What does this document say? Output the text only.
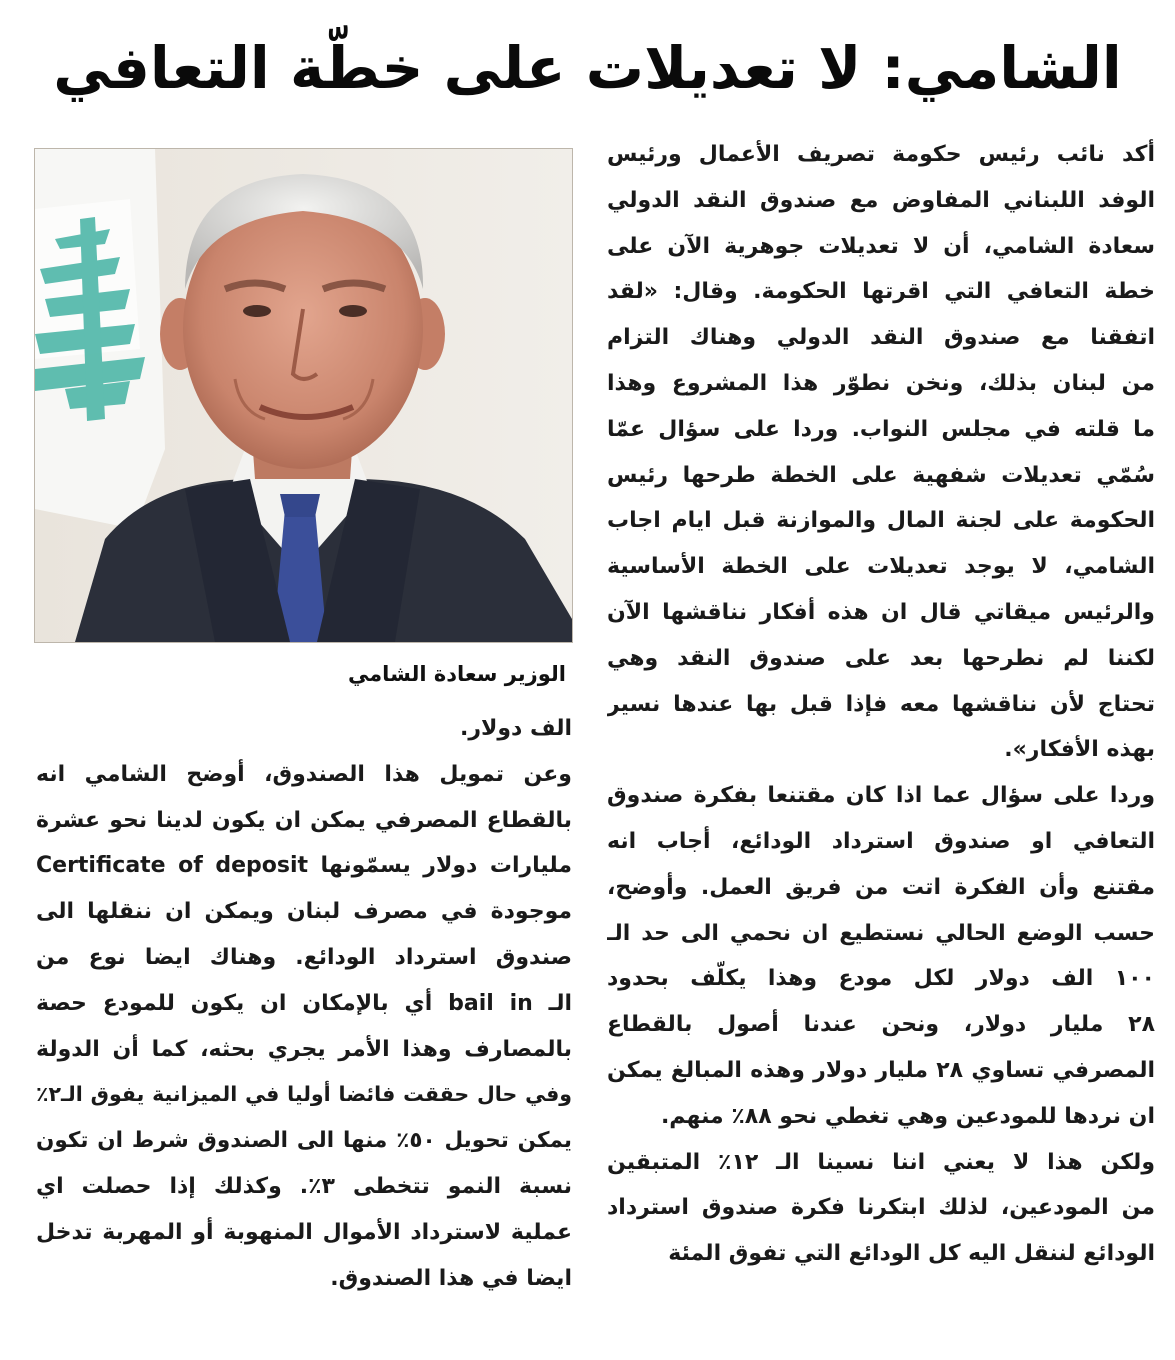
الشامي: لا تعديلات على خطّة التعافي
أكد نائب رئيس حكومة تصريف الأعمال ورئيس
الوفد اللبناني المفاوض مع صندوق النقد الدولي
سعادة الشامي، أن لا تعديلات جوهرية الآن على
خطة التعافي التي اقرتها الحكومة. وقال: «لقد
اتفقنا مع صندوق النقد الدولي وهناك التزام
من لبنان بذلك، ونخن نطوّر هذا المشروع وهذا
ما قلته في مجلس النواب. وردا على سؤال عمّا
سُمّي تعديلات شفهية على الخطة طرحها رئيس
الحكومة على لجنة المال والموازنة قبل ايام اجاب
الشامي، لا يوجد تعديلات على الخطة الأساسية
والرئيس ميقاتي قال ان هذه أفكار نناقشها الآن
لكننا لم نطرحها بعد على صندوق النقد وهي
تحتاج لأن نناقشها معه فإذا قبل بها عندها نسير
بهذه الأفكار».
وردا على سؤال عما اذا كان مقتنعا بفكرة صندوق
التعافي او صندوق استرداد الودائع، أجاب انه
مقتنع وأن الفكرة اتت من فريق العمل. وأوضح،
حسب الوضع الحالي نستطيع ان نحمي الى حد الـ
١٠٠ الف دولار لكل مودع وهذا يكلّف بحدود
٢٨ مليار دولار، ونحن عندنا أصول بالقطاع
المصرفي تساوي ٢٨ مليار دولار وهذه المبالغ يمكن
ان نردها للمودعين وهي تغطي نحو ٨٨٪ منهم.
ولكن هذا لا يعني اننا نسينا الـ ١٢٪ المتبقين
من المودعين، لذلك ابتكرنا فكرة صندوق استرداد
الودائع لننقل اليه كل الودائع التي تفوق المئة
الوزير سعادة الشامي
الف دولار.
وعن تمويل هذا الصندوق، أوضح الشامي انه
بالقطاع المصرفي يمكن ان يكون لدينا نحو عشرة
مليارات دولار يسمّونها Certificate of deposit
موجودة في مصرف لبنان ويمكن ان ننقلها الى
صندوق استرداد الودائع. وهناك ايضا نوع من
الـ bail in أي بالإمكان ان يكون للمودع حصة
بالمصارف وهذا الأمر يجري بحثه، كما أن الدولة
وفي حال حققت فائضا أوليا في الميزانية يفوق الـ٢٪
يمكن تحويل ٥٠٪ منها الى الصندوق شرط ان تكون
نسبة النمو تتخطى ٣٪. وكذلك إذا حصلت اي
عملية لاسترداد الأموال المنهوبة أو المهربة تدخل
ايضا في هذا الصندوق.
